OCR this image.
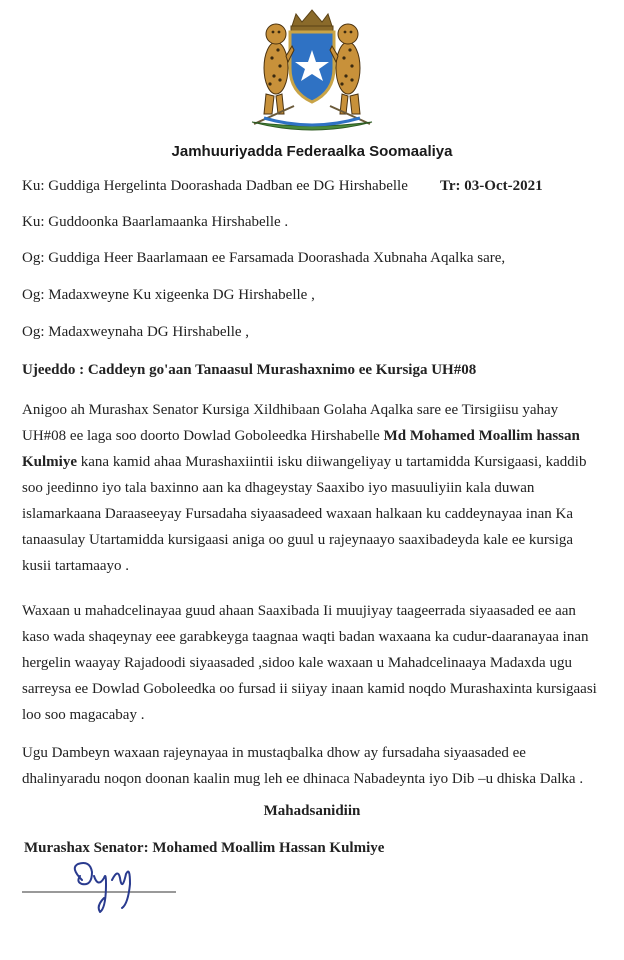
Jamhuuriyadda Federaalka Soomaaliya
Ku: Guddiga Hergelinta Doorashada Dadban ee DG Hirshabelle Tr: 03-Oct-2021
Ku: Guddoonka Baarlamaanka Hirshabelle .
Og: Guddiga Heer Baarlamaan ee Farsamada Doorashada Xubnaha Aqalka sare,
Og: Madaxweyne Ku xigeenka DG Hirshabelle ,
Og: Madaxweynaha DG Hirshabelle ,
Ujeeddo : Caddeyn go'aan Tanaasul Murashaxnimo ee Kursiga UH#08
Anigoo ah Murashax Senator Kursiga Xildhibaan Golaha Aqalka sare ee Tirsigiisu yahay
UH#08 ee laga soo doorto Dowlad Goboleedka Hirshabelle Md Mohamed Moallim hassan
Kulmiye kana kamid ahaa Murashaxiintii isku diiwangeliyay u tartamidda Kursigaasi, kaddib
soo jeedinno iyo tala baxinno aan ka dhageystay Saaxibo iyo masuuliyiin kala duwan
islamarkaana Daraaseeyay Fursadaha siyaasadeed waxaan halkaan ku caddeynayaa inan Ka
tanaasulay Utartamidda kursigaasi aniga oo guul u rajeynaayo saaxibadeyda kale ee kursiga
kusii tartamaayo .
Waxaan u mahadcelinayaa guud ahaan Saaxibada Ii muujiyay taageerrada siyaasaded ee aan
kaso wada shaqeynay eee garabkeyga taagnaa waqti badan waxaana ka cudur-daaranayaa inan
hergelin waayay Rajadoodi siyaasaded ,sidoo kale waxaan u Mahadcelinaaya Madaxda ugu
sarreysa ee Dowlad Goboleedka oo fursad ii siiyay inaan kamid noqdo Murashaxinta kursigaasi
loo soo magacabay .
Ugu Dambeyn waxaan rajeynayaa in mustaqbalka dhow ay fursadaha siyaasaded ee
dhalinyaradu noqon doonan kaalin mug leh ee dhinaca Nabadeynta iyo Dib –u dhiska Dalka .
Mahadsanidiin
Murashax Senator: Mohamed Moallim Hassan Kulmiye
